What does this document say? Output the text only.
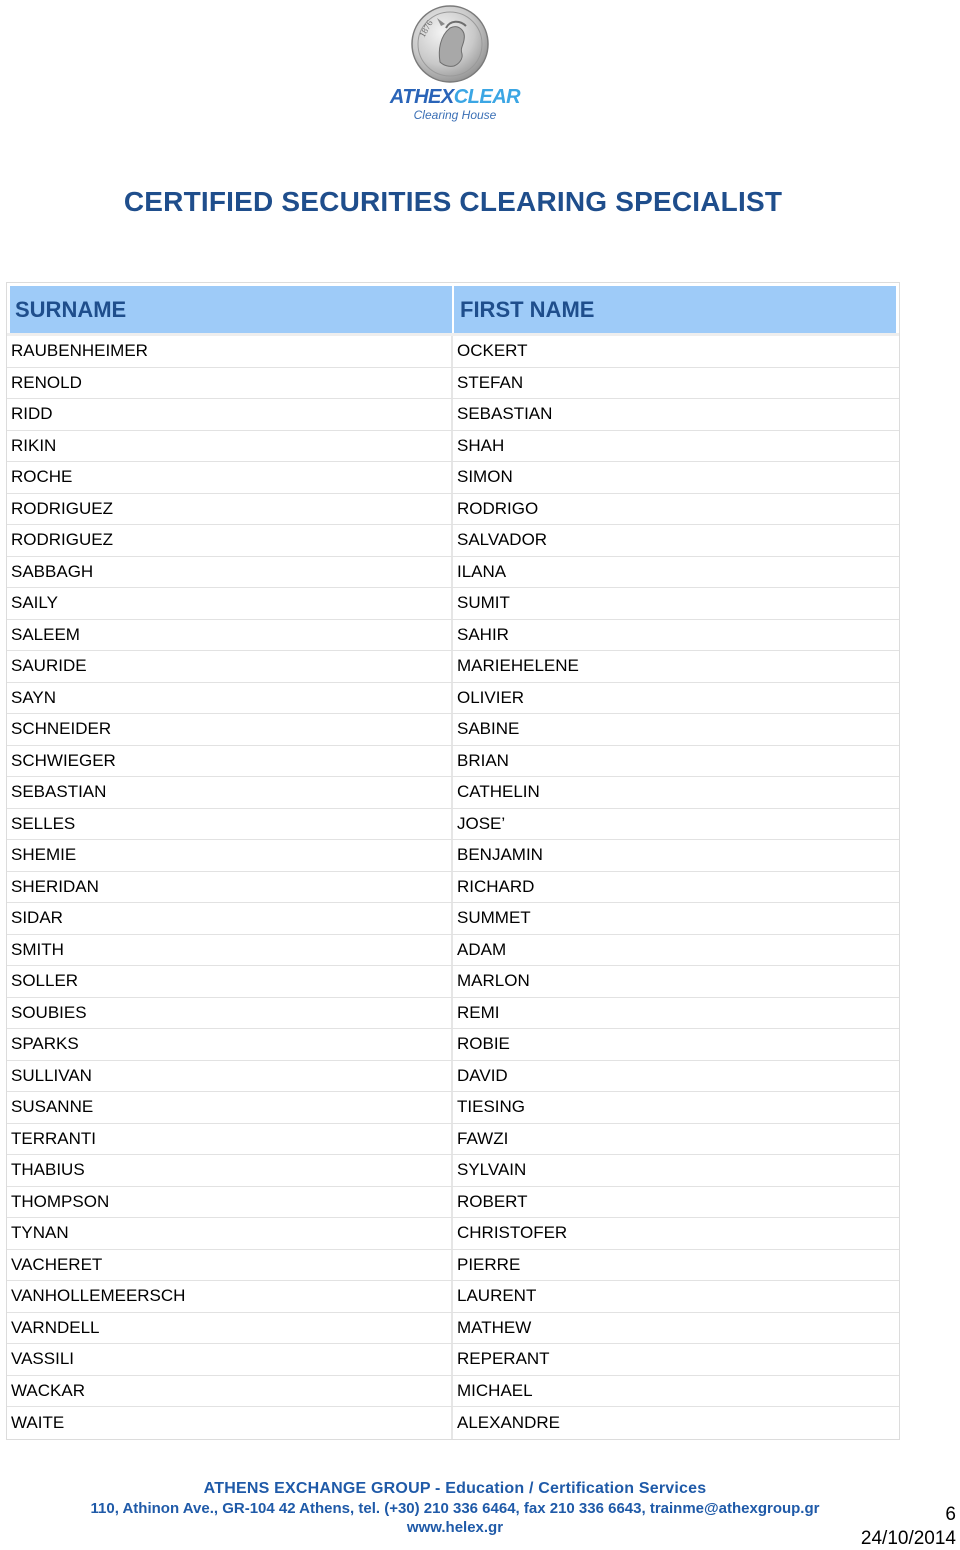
1876
ATHEXCLEAR
Clearing House
CERTIFIED SECURITIES CLEARING SPECIALIST
SURNAME	FIRST NAME
RAUBENHEIMER	OCKERT
RENOLD	STEFAN
RIDD	SEBASTIAN
RIKIN	SHAH
ROCHE	SIMON
RODRIGUEZ	RODRIGO
RODRIGUEZ	SALVADOR
SABBAGH	ILANA
SAILY	SUMIT
SALEEM	SAHIR
SAURIDE	MARIEHELENE
SAYN	OLIVIER
SCHNEIDER	SABINE
SCHWIEGER	BRIAN
SEBASTIAN	CATHELIN
SELLES	JOSE’
SHEMIE	BENJAMIN
SHERIDAN	RICHARD
SIDAR	SUMMET
SMITH	ADAM
SOLLER	MARLON
SOUBIES	REMI
SPARKS	ROBIE
SULLIVAN	DAVID
SUSANNE	TIESING
TERRANTI	FAWZI
THABIUS	SYLVAIN
THOMPSON	ROBERT
TYNAN	CHRISTOFER
VACHERET	PIERRE
VANHOLLEMEERSCH	LAURENT
VARNDELL	MATHEW
VASSILI	REPERANT
WACKAR	MICHAEL
WAITE	ALEXANDRE
ATHENS EXCHANGE GROUP - Education / Certification Services
110, Athinon Ave., GR-104 42 Athens, tel. (+30) 210 336 6464, fax 210 336 6643, trainme@athexgroup.gr
www.helex.gr
6
24/10/2014
